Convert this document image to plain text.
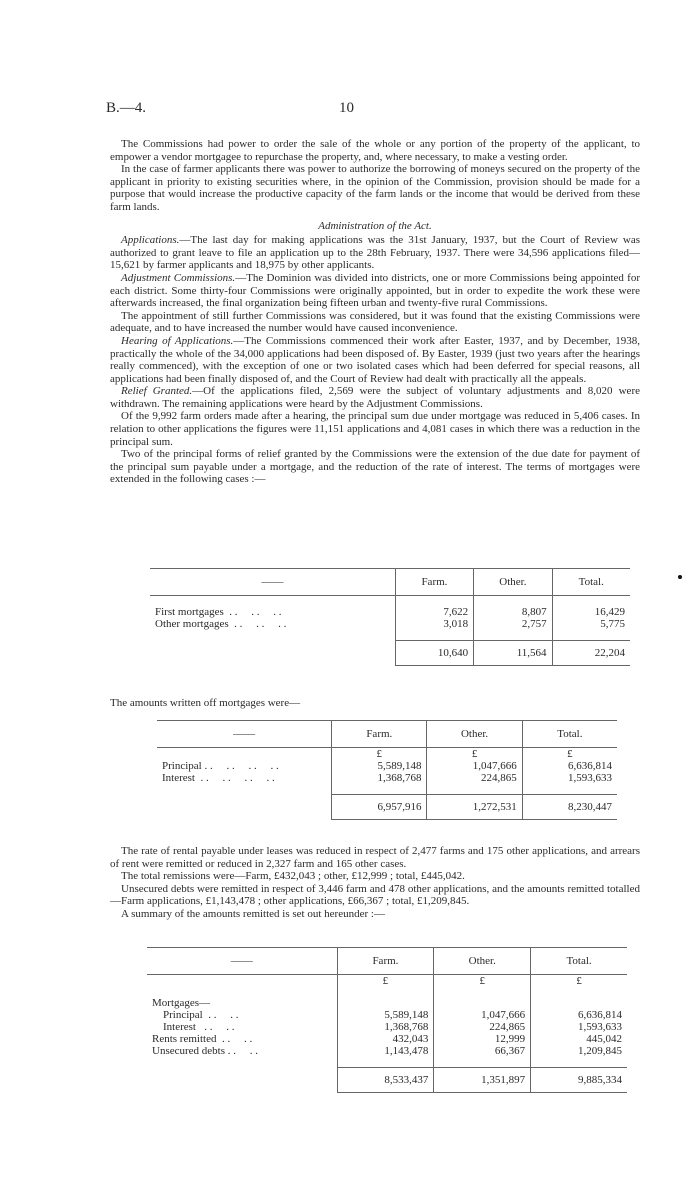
B.—4.	10

The Commissions had power to order the sale of the whole or any portion of the property of the applicant, to empower a vendor mortgagee to repurchase the property, and, where necessary, to make a vesting order.

In the case of farmer applicants there was power to authorize the borrowing of moneys secured on the property of the applicant in priority to existing securities where, in the opinion of the Commission, provision should be made for a purpose that would increase the productive capacity of the farm lands or the income that would be derived from these farm lands.

Administration of the Act.

Applications.—The last day for making applications was the 31st January, 1937, but the Court of Review was authorized to grant leave to file an application up to the 28th February, 1937. There were 34,596 applications filed—15,621 by farmer applicants and 18,975 by other applicants.

Adjustment Commissions.—The Dominion was divided into districts, one or more Commissions being appointed for each district. Some thirty-four Commissions were originally appointed, but in order to expedite the work these were afterwards increased, the final organization being fifteen urban and twenty-five rural Commissions.

The appointment of still further Commissions was considered, but it was found that the existing Commissions were adequate, and to have increased the number would have caused inconvenience.

Hearing of Applications.—The Commissions commenced their work after Easter, 1937, and by December, 1938, practically the whole of the 34,000 applications had been disposed of. By Easter, 1939 (just two years after the hearings really commenced), with the exception of one or two isolated cases which had been deferred for special reasons, all applications had been finally disposed of, and the Court of Review had dealt with practically all the appeals.

Relief Granted.—Of the applications filed, 2,569 were the subject of voluntary adjustments and 8,020 were withdrawn. The remaining applications were heard by the Adjustment Commissions.

Of the 9,992 farm orders made after a hearing, the principal sum due under mortgage was reduced in 5,406 cases. In relation to other applications the figures were 11,151 applications and 4,081 cases in which there was a reduction in the principal sum.

Two of the principal forms of relief granted by the Commissions were the extension of the due date for payment of the principal sum payable under a mortgage, and the reduction of the rate of interest. The terms of mortgages were extended in the following cases :—

——	Farm.	Other.	Total.

First mortgages  . .     . .     . .	7,622	8,807	16,429
Other mortgages  . .     . .     . .	3,018	2,757	5,775

	10,640	11,564	22,204

The amounts written off mortgages were—

——	Farm.	Other.	Total.
	£	£	£
Principal . .     . .     . .     . .	5,589,148	1,047,666	6,636,814
Interest  . .     . .     . .     . .	1,368,768	224,865	1,593,633

	6,957,916	1,272,531	8,230,447

The rate of rental payable under leases was reduced in respect of 2,477 farms and 175 other applications, and arrears of rent were remitted or reduced in 2,327 farm and 165 other cases.

The total remissions were—Farm, £432,043 ; other, £12,999 ; total, £445,042.

Unsecured debts were remitted in respect of 3,446 farm and 478 other applications, and the amounts remitted totalled—Farm applications, £1,143,478 ; other applications, £66,367 ; total, £1,209,845.

A summary of the amounts remitted is set out hereunder :—

——	Farm.	Other.	Total.
	£	£	£

Mortgages—			
Principal  . .     . .	5,589,148	1,047,666	6,636,814
Interest   . .     . .	1,368,768	224,865	1,593,633
Rents remitted  . .     . .	432,043	12,999	445,042
Unsecured debts . .     . .	1,143,478	66,367	1,209,845

	8,533,437	1,351,897	9,885,334
